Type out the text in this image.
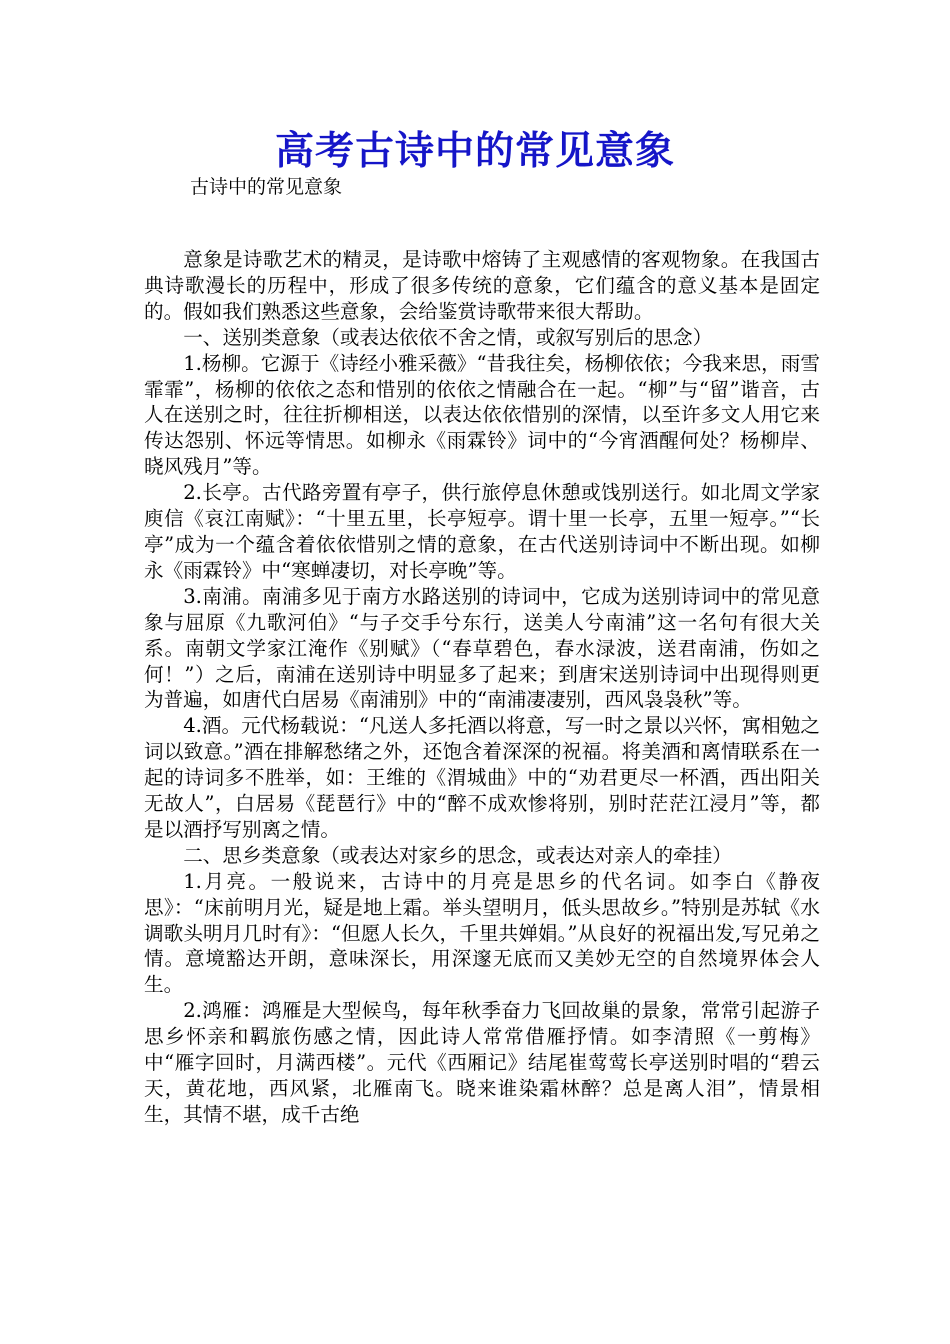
高考古诗中的常见意象
古诗中的常见意象

意象是诗歌艺术的精灵，是诗歌中熔铸了主观感情的客观物象。在我国古典诗歌漫长的历程中，形成了很多传统的意象，它们蕴含的意义基本是固定的。假如我们熟悉这些意象，会给鉴赏诗歌带来很大帮助。

一、送别类意象（或表达依依不舍之情，或叙写别后的思念）

1.杨柳。它源于《诗经小雅采薇》“昔我往矣，杨柳依依；今我来思，雨雪霏霏”，杨柳的依依之态和惜别的依依之情融合在一起。“柳”与“留”谐音，古人在送别之时，往往折柳相送，以表达依依惜别的深情，以至许多文人用它来传达怨别、怀远等情思。如柳永《雨霖铃》词中的“今宵酒醒何处？杨柳岸、晓风残月”等。

2.长亭。古代路旁置有亭子，供行旅停息休憩或饯别送行。如北周文学家庾信《哀江南赋》：“十里五里，长亭短亭。谓十里一长亭，五里一短亭。”“长亭”成为一个蕴含着依依惜别之情的意象，在古代送别诗词中不断出现。如柳永《雨霖铃》中“寒蝉凄切，对长亭晚”等。

3.南浦。南浦多见于南方水路送别的诗词中，它成为送别诗词中的常见意象与屈原《九歌河伯》“与子交手兮东行，送美人兮南浦”这一名句有很大关系。南朝文学家江淹作《别赋》（“春草碧色，春水渌波，送君南浦，伤如之何！”）之后，南浦在送别诗中明显多了起来；到唐宋送别诗词中出现得则更为普遍，如唐代白居易《南浦别》中的“南浦凄凄别，西风袅袅秋”等。

4.酒。元代杨载说：“凡送人多托酒以将意，写一时之景以兴怀，寓相勉之词以致意。”酒在排解愁绪之外，还饱含着深深的祝福。将美酒和离情联系在一起的诗词多不胜举，如：王维的《渭城曲》中的“劝君更尽一杯酒，西出阳关无故人”，白居易《琵琶行》中的“醉不成欢惨将别，别时茫茫江浸月”等，都是以酒抒写别离之情。

二、思乡类意象（或表达对家乡的思念，或表达对亲人的牵挂）

1.月亮。一般说来，古诗中的月亮是思乡的代名词。如李白《静夜思》：“床前明月光，疑是地上霜。举头望明月，低头思故乡。”特别是苏轼《水调歌头明月几时有》：“但愿人长久，千里共婵娟。”从良好的祝福出发,写兄弟之情。意境豁达开朗，意味深长，用深邃无底而又美妙无空的自然境界体会人生。

2.鸿雁：鸿雁是大型候鸟，每年秋季奋力飞回故巢的景象，常常引起游子思乡怀亲和羁旅伤感之情，因此诗人常常借雁抒情。如李清照《一剪梅》中“雁字回时，月满西楼”。元代《西厢记》结尾崔莺莺长亭送别时唱的“碧云天，黄花地，西风紧，北雁南飞。晓来谁染霜林醉？总是离人泪”，情景相生，其情不堪，成千古绝
